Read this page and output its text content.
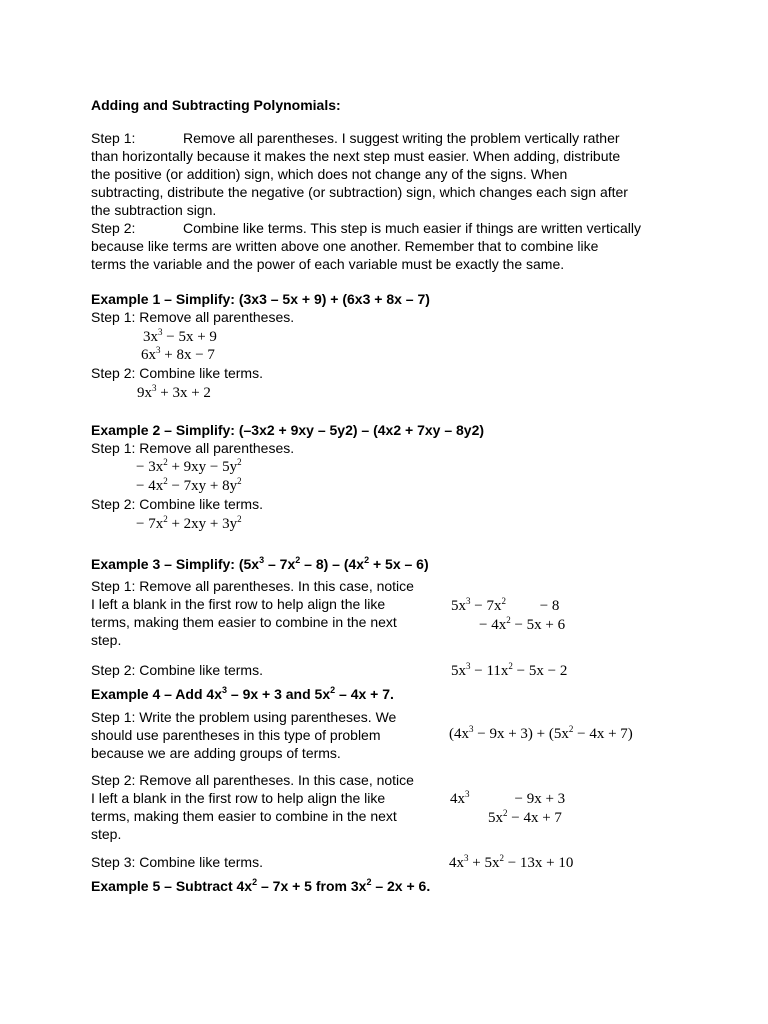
Adding and Subtracting Polynomials:
Step 1:	Remove all parentheses. I suggest writing the problem vertically rather
than horizontally because it makes the next step must easier. When adding, distribute
the positive (or addition) sign, which does not change any of the signs. When
subtracting, distribute the negative (or subtraction) sign, which changes each sign after
the subtraction sign.
Step 2:	Combine like terms. This step is much easier if things are written vertically
because like terms are written above one another. Remember that to combine like
terms the variable and the power of each variable must be exactly the same.
Example 1 – Simplify: (3x3 – 5x + 9) + (6x3 + 8x – 7)
Step 1: Remove all parentheses.
$3x^3 - 5x + 9$
$6x^3 + 8x - 7$
Step 2: Combine like terms.
$9x^3 + 3x + 2$
Example 2 – Simplify: (–3x2 + 9xy – 5y2) – (4x2 + 7xy – 8y2)
Step 1: Remove all parentheses.
− $3x^2 + 9xy - 5y^2$
− $4x^2 - 7xy + 8y^2$
Step 2: Combine like terms.
− $7x^2 + 2xy + 3y^2$
Example 3 – Simplify: $(5x^3 - 7x^2 - 8) - (4x^2 + 5x - 6)$
Step 1: Remove all parentheses. In this case, notice
I left a blank in the first row to help align the like
terms, making them easier to combine in the next
step.
$5x^3 - 7x^2$         − 8
− $4x^2 - 5x + 6$
Step 2: Combine like terms.	$5x^3 - 11x^2 - 5x - 2$
Example 4 – Add $4x^3 - 9x + 3$ and $5x^2 - 4x + 7$.
Step 1: Write the problem using parentheses. We
should use parentheses in this type of problem
because we are adding groups of terms.
$(4x^3 - 9x + 3) + (5x^2 - 4x + 7)$
Step 2: Remove all parentheses. In this case, notice
I left a blank in the first row to help align the like
terms, making them easier to combine in the next
step.
$4x^3$            − 9x + 3
$5x^2 - 4x + 7$
Step 3: Combine like terms.	$4x^3 + 5x^2 - 13x + 10$
Example 5 – Subtract $4x^2 - 7x + 5$ from $3x^2 - 2x + 6$.
